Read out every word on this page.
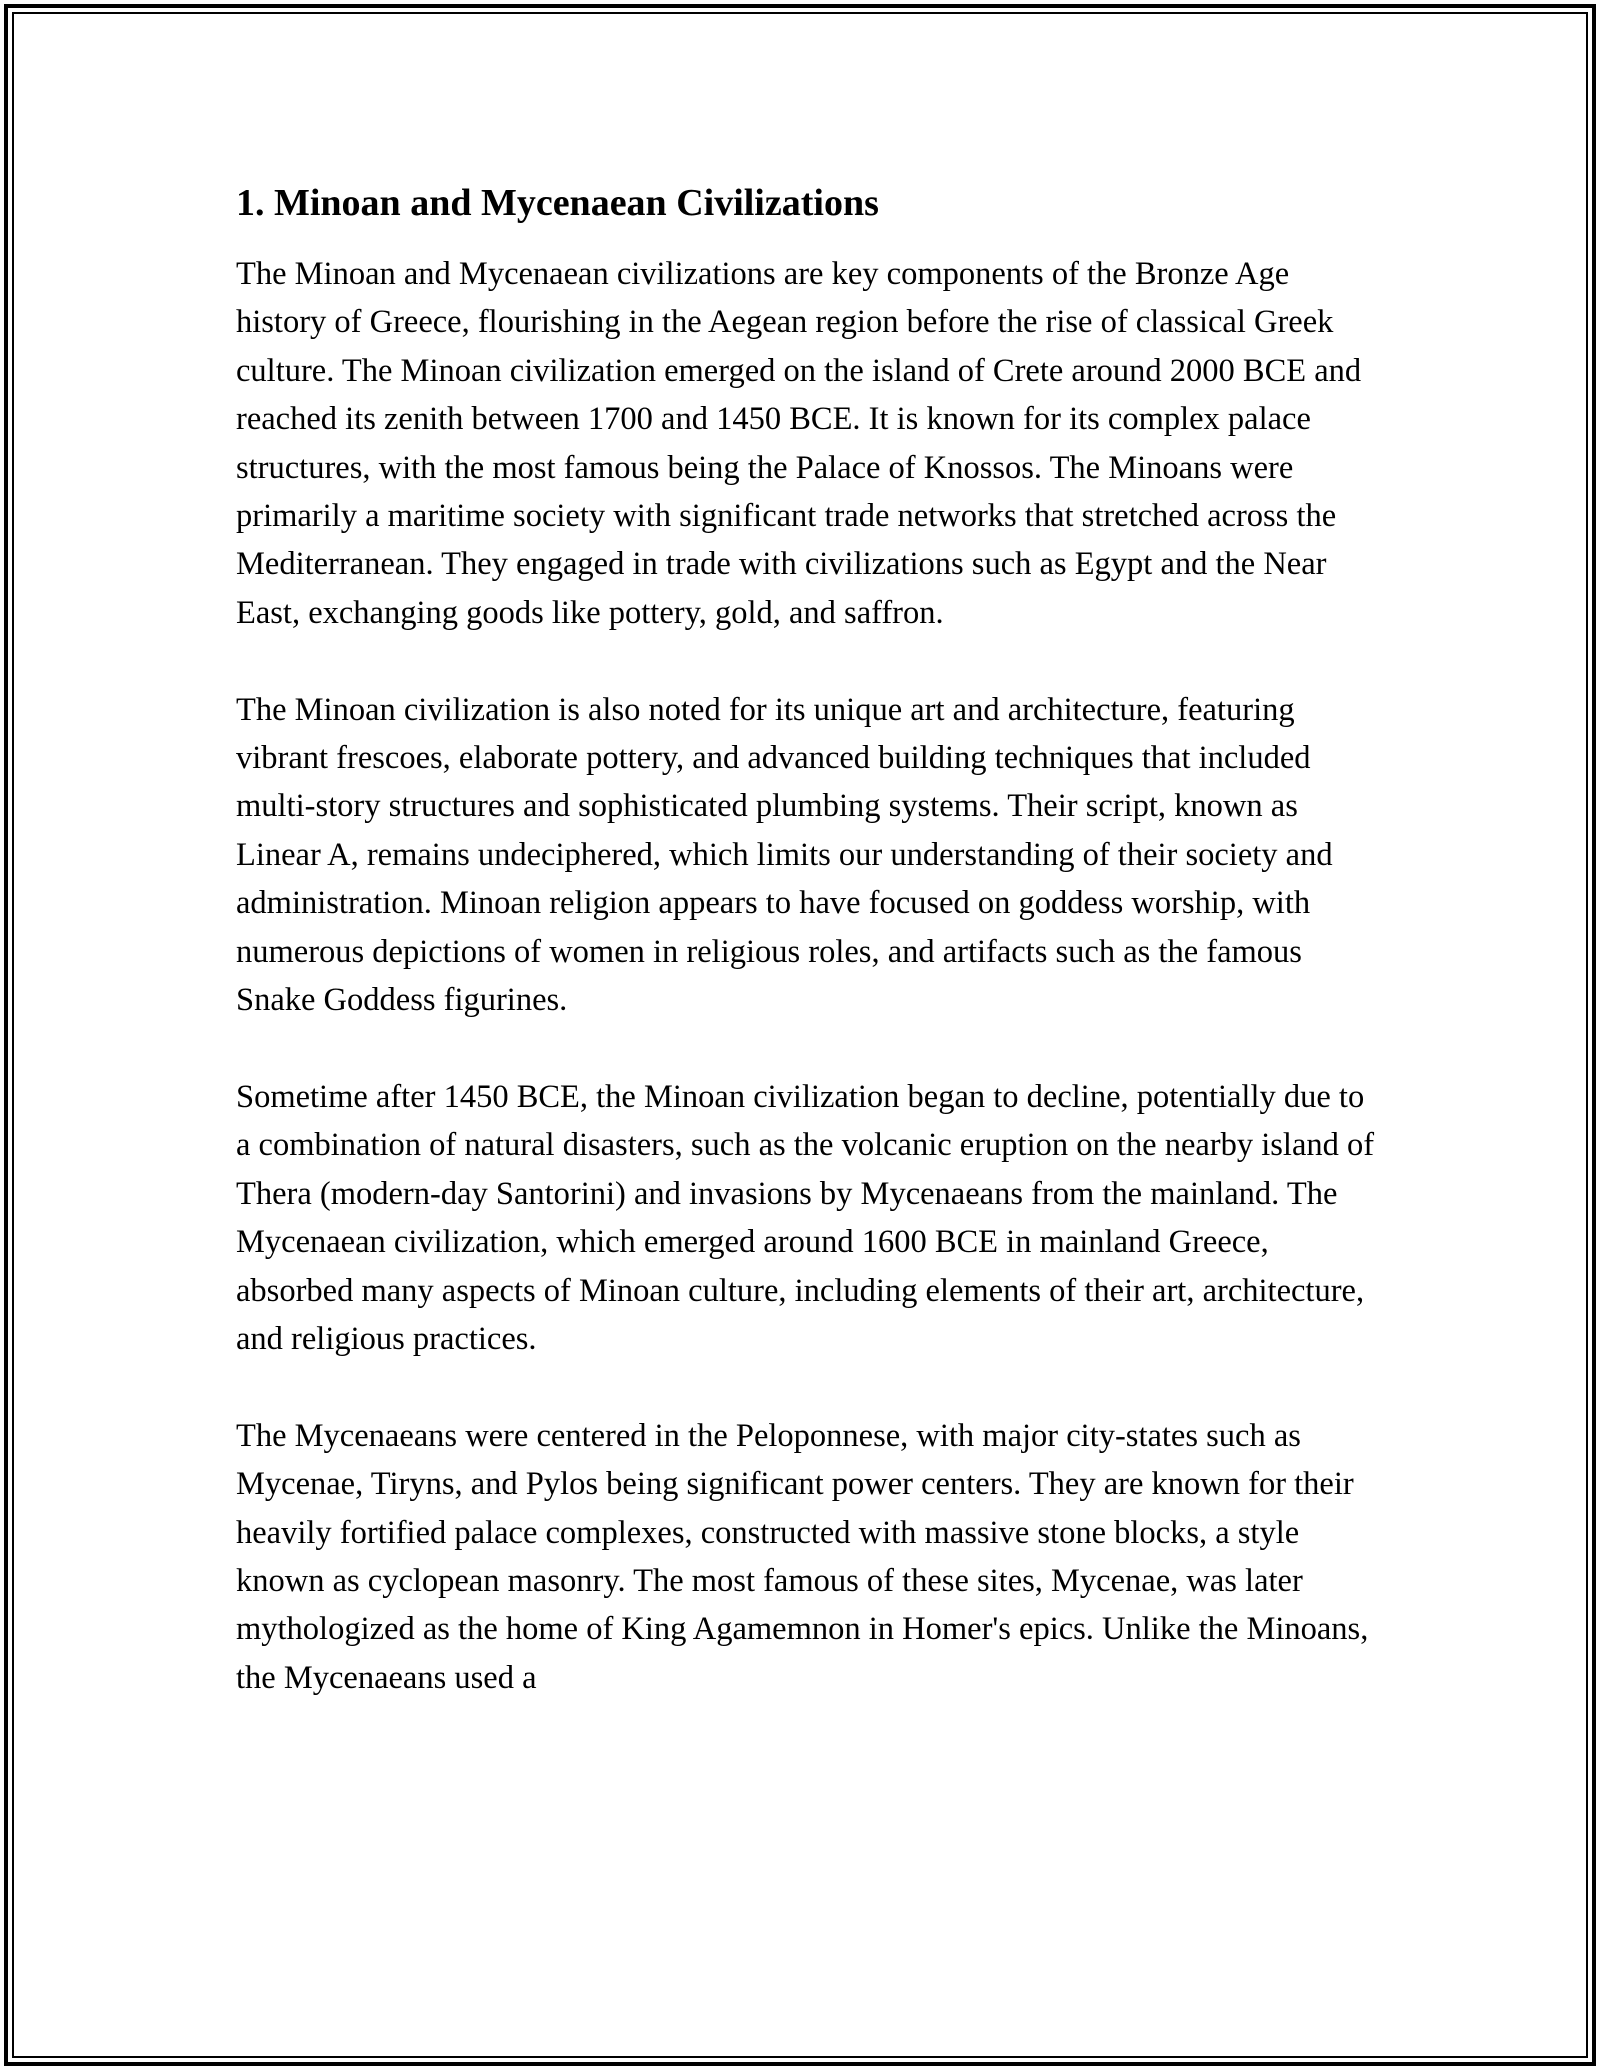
1. Minoan and Mycenaean Civilizations

The Minoan and Mycenaean civilizations are key components of the Bronze Age history of Greece, flourishing in the Aegean region before the rise of classical Greek culture. The Minoan civilization emerged on the island of Crete around 2000 BCE and reached its zenith between 1700 and 1450 BCE. It is known for its complex palace structures, with the most famous being the Palace of Knossos. The Minoans were primarily a maritime society with significant trade networks that stretched across the Mediterranean. They engaged in trade with civilizations such as Egypt and the Near East, exchanging goods like pottery, gold, and saffron.

The Minoan civilization is also noted for its unique art and architecture, featuring vibrant frescoes, elaborate pottery, and advanced building techniques that included multi-story structures and sophisticated plumbing systems. Their script, known as Linear A, remains undeciphered, which limits our understanding of their society and administration. Minoan religion appears to have focused on goddess worship, with numerous depictions of women in religious roles, and artifacts such as the famous Snake Goddess figurines.

Sometime after 1450 BCE, the Minoan civilization began to decline, potentially due to a combination of natural disasters, such as the volcanic eruption on the nearby island of Thera (modern-day Santorini) and invasions by Mycenaeans from the mainland. The Mycenaean civilization, which emerged around 1600 BCE in mainland Greece, absorbed many aspects of Minoan culture, including elements of their art, architecture, and religious practices.

The Mycenaeans were centered in the Peloponnese, with major city-states such as Mycenae, Tiryns, and Pylos being significant power centers. They are known for their heavily fortified palace complexes, constructed with massive stone blocks, a style known as cyclopean masonry. The most famous of these sites, Mycenae, was later mythologized as the home of King Agamemnon in Homer's epics. Unlike the Minoans, the Mycenaeans used a
